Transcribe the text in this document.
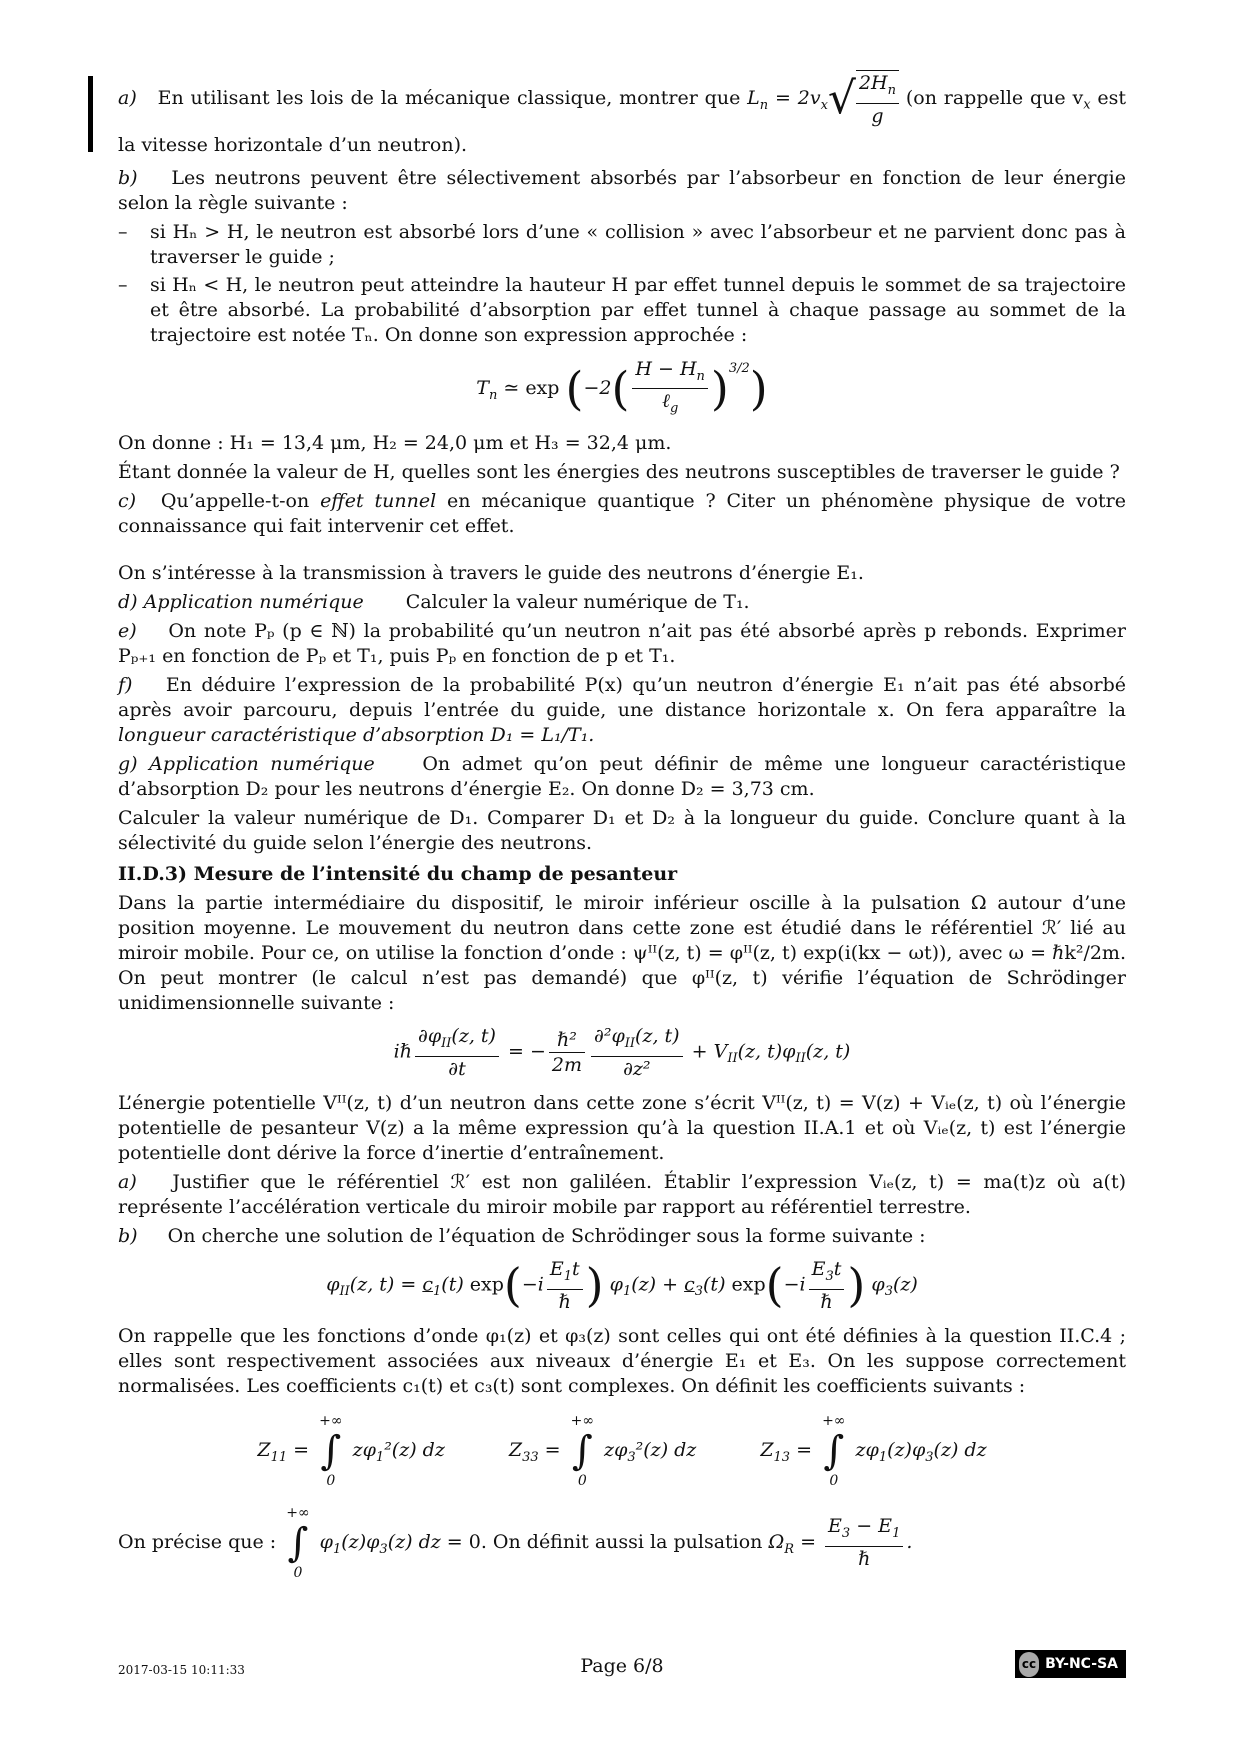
a) En utilisant les lois de la mécanique classique, montrer que $L_n = 2v_x√ \frac{2H_n}{g} (on$ rappelle que $v_x$ est la vitesse horizontale d’un neutron).

b) Les neutrons peuvent être sélectivement absorbés par l’absorbeur en fonction de leur énergie selon la règle suivante :

–	si Hₙ > H, le neutron est absorbé lors d’une « collision » avec l’absorbeur et ne parvient donc pas à traverser le guide ;
–	si Hₙ < H, le neutron peut atteindre la hauteur H par effet tunnel depuis le sommet de sa trajectoire et être absorbé. La probabilité d’absorption par effet tunnel à chaque passage au sommet de la trajectoire est notée Tₙ. On donne son expression approchée :
$T_n$ ≃ $\exp (-2( \frac{H - H_n}{\ell_g} )^{3/2})$

On donne : H₁ = 13,4 μm, H₂ = 24,0 μm et H₃ = 32,4 μm.

Étant donnée la valeur de H, quelles sont les énergies des neutrons susceptibles de traverser le guide ?

c) Qu’appelle-t-on effet tunnel en mécanique quantique ? Citer un phénomène physique de votre connaissance qui fait intervenir cet effet.

On s’intéresse à la transmission à travers le guide des neutrons d’énergie E₁.

d) Application numérique Calculer la valeur numérique de T₁.

e) On note Pₚ (p ∈ ℕ) la probabilité qu’un neutron n’ait pas été absorbé après p rebonds. Exprimer Pₚ₊₁ en fonction de Pₚ et T₁, puis Pₚ en fonction de p et T₁.

f) En déduire l’expression de la probabilité P(x) qu’un neutron d’énergie E₁ n’ait pas été absorbé après avoir parcouru, depuis l’entrée du guide, une distance horizontale x. On fera apparaître la longueur caractéristique d’absorption D₁ = L₁/T₁.

g) Application numérique	On admet qu’on peut définir de même une longueur caractéristique d’absorption D₂ pour les neutrons d’énergie E₂. On donne D₂ = 3,73 cm.

Calculer la valeur numérique de D₁. Comparer D₁ et D₂ à la longueur du guide. Conclure quant à la sélectivité du guide selon l’énergie des neutrons.

II.D.3) Mesure de l’intensité du champ de pesanteur

Dans la partie intermédiaire du dispositif, le miroir inférieur oscille à la pulsation Ω autour d’une position moyenne. Le mouvement du neutron dans cette zone est étudié dans le référentiel ℛ′ lié au miroir mobile. Pour ce, on utilise la fonction d’onde : ψᴵᴵ(z, t) = φᴵᴵ(z, t) exp(i(kx − ωt)), avec ω = ℏk²/2m. On peut montrer (le calcul n’est pas demandé) que φᴵᴵ(z, t) vérifie l’équation de Schrödinger unidimensionnelle suivante :

iℏ $\frac{\partial\varphi_{II}(z, t)}{\partial t}$ = − $\frac{\text{ℏ²}}{2m} \frac{\partial^2\varphi_{II}(z, t)}{\text{∂z²}} + V_{II}(z$, $t)\varphi_{II}(z$, t)

L’énergie potentielle Vᴵᴵ(z, t) d’un neutron dans cette zone s’écrit Vᴵᴵ(z, t) = V(z) + Vᵢₑ(z, t) où l’énergie potentielle de pesanteur V(z) a la même expression qu’à la question II.A.1 et où Vᵢₑ(z, t) est l’énergie potentielle dont dérive la force d’inertie d’entraînement.

a) Justifier que le référentiel ℛ′ est non galiléen. Établir l’expression Vᵢₑ(z, t) = ma(t)z où a(t) représente l’accélération verticale du miroir mobile par rapport au référentiel terrestre.

b) On cherche une solution de l’équation de Schrödinger sous la forme suivante :

$\varphi_{II}(z$, $t) = c_1(t)$ $\exp(-i \frac{E_1t}{\text{ℏ}}$ ) $\varphi_1(z) + c_3(t)$ $\exp(-i \frac{E_3t}{\text{ℏ}}$ ) $\varphi_3(z)$

On rappelle que les fonctions d’onde φ₁(z) et φ₃(z) sont celles qui ont été définies à la question II.C.4 ; elles sont respectivement associées aux niveaux d’énergie E₁ et E₃. On les suppose correctement normalisées. Les coefficients c₁(t) et c₃(t) sont complexes. On définit les coefficients suivants :

$Z_{11}$ = +∞
∫
0 $z\varphi_1^2(z)$ dz	$Z_{33}$ = +∞
∫
0 $z\varphi_3^2(z)$ dz	$Z_{13}$ = +∞
∫
0 $z\varphi_1(z)\varphi_3(z)$ dz

On précise que : +∞
∫
0 $\varphi_1(z)\varphi_3(z)$ dz = 0. On définit aussi la pulsation $\Omega_R = \frac{E_3 - E_1}{\text{ℏ}}$ .

2017-03-15 10:11:33	Page 6/8	cc BY-NC-SA
